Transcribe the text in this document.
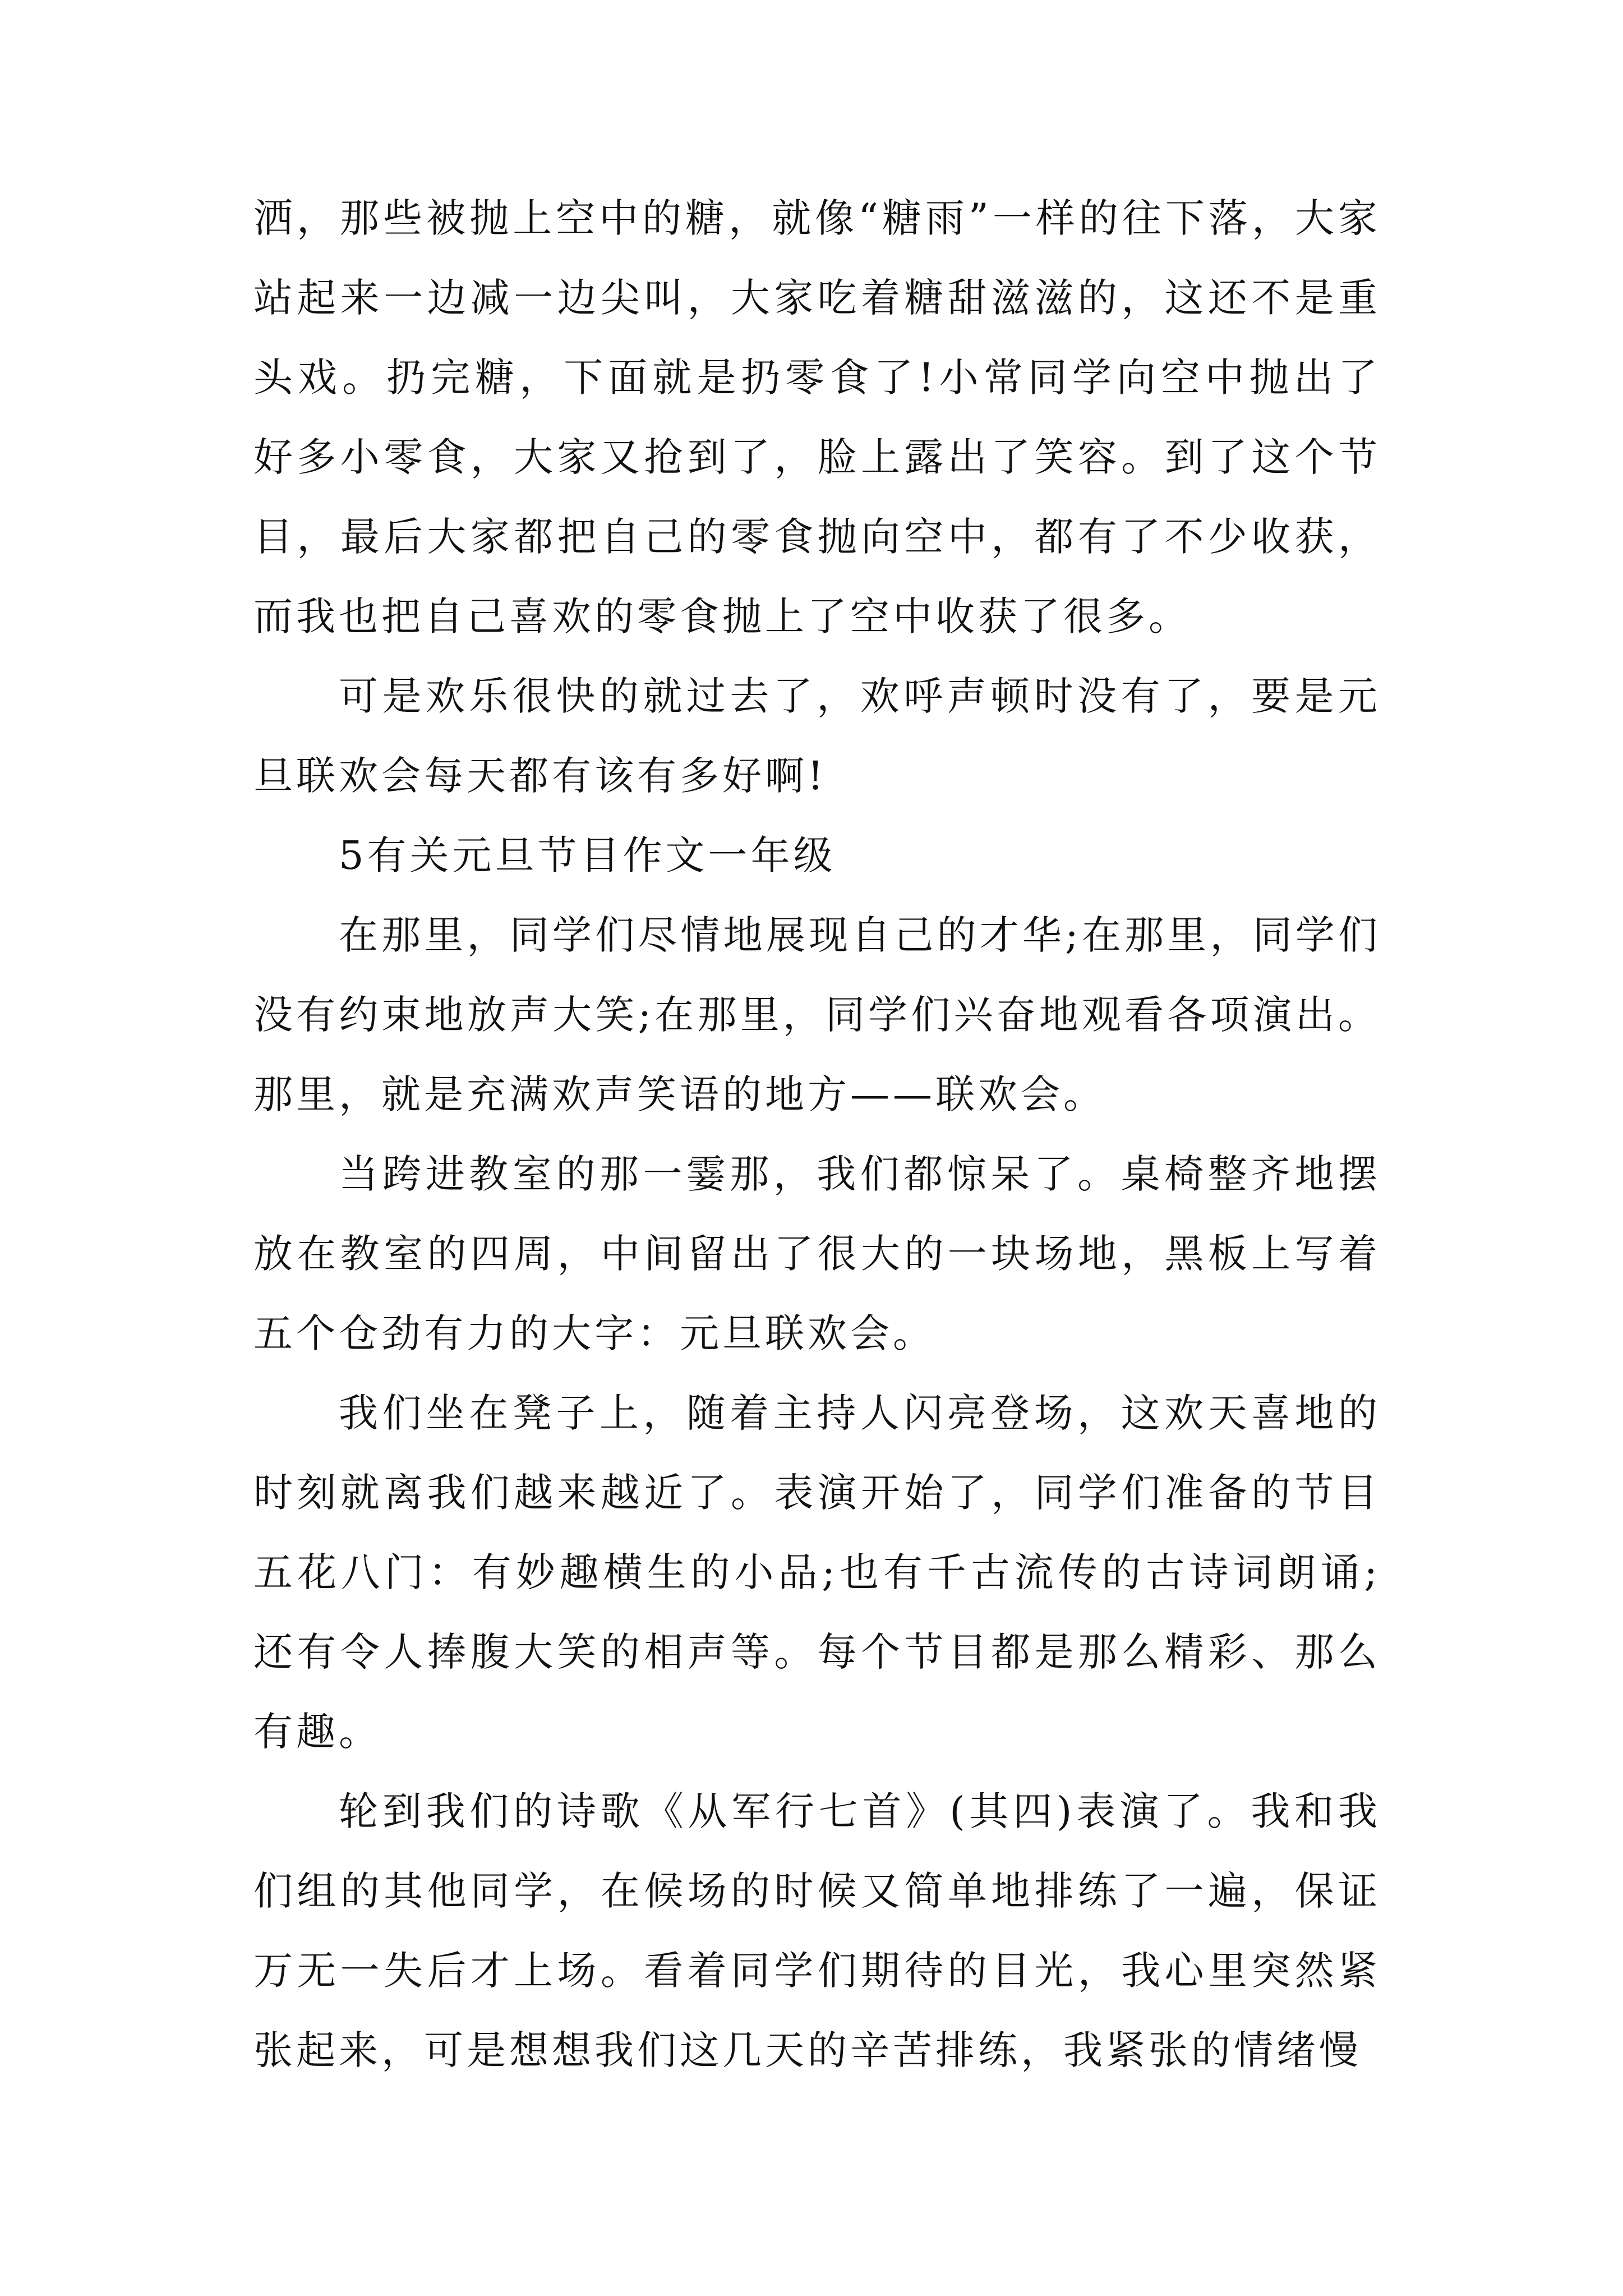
洒，那些被抛上空中的糖，就像“糖雨”一样的往下落，大家站起来一边减一边尖叫，大家吃着糖甜滋滋的，这还不是重头戏。扔完糖，下面就是扔零食了!小常同学向空中抛出了好多小零食，大家又抢到了，脸上露出了笑容。到了这个节目，最后大家都把自己的零食抛向空中，都有了不少收获，而我也把自己喜欢的零食抛上了空中收获了很多。

可是欢乐很快的就过去了，欢呼声顿时没有了，要是元旦联欢会每天都有该有多好啊!

5有关元旦节目作文一年级

在那里，同学们尽情地展现自己的才华;在那里，同学们没有约束地放声大笑;在那里，同学们兴奋地观看各项演出。那里，就是充满欢声笑语的地方——联欢会。

当跨进教室的那一霎那，我们都惊呆了。桌椅整齐地摆放在教室的四周，中间留出了很大的一块场地，黑板上写着五个仓劲有力的大字：元旦联欢会。

我们坐在凳子上，随着主持人闪亮登场，这欢天喜地的时刻就离我们越来越近了。表演开始了，同学们准备的节目五花八门：有妙趣横生的小品;也有千古流传的古诗词朗诵;还有令人捧腹大笑的相声等。每个节目都是那么精彩、那么有趣。

轮到我们的诗歌《从军行七首》(其四)表演了。我和我们组的其他同学，在候场的时候又简单地排练了一遍，保证万无一失后才上场。看着同学们期待的目光，我心里突然紧张起来，可是想想我们这几天的辛苦排练，我紧张的情绪慢
